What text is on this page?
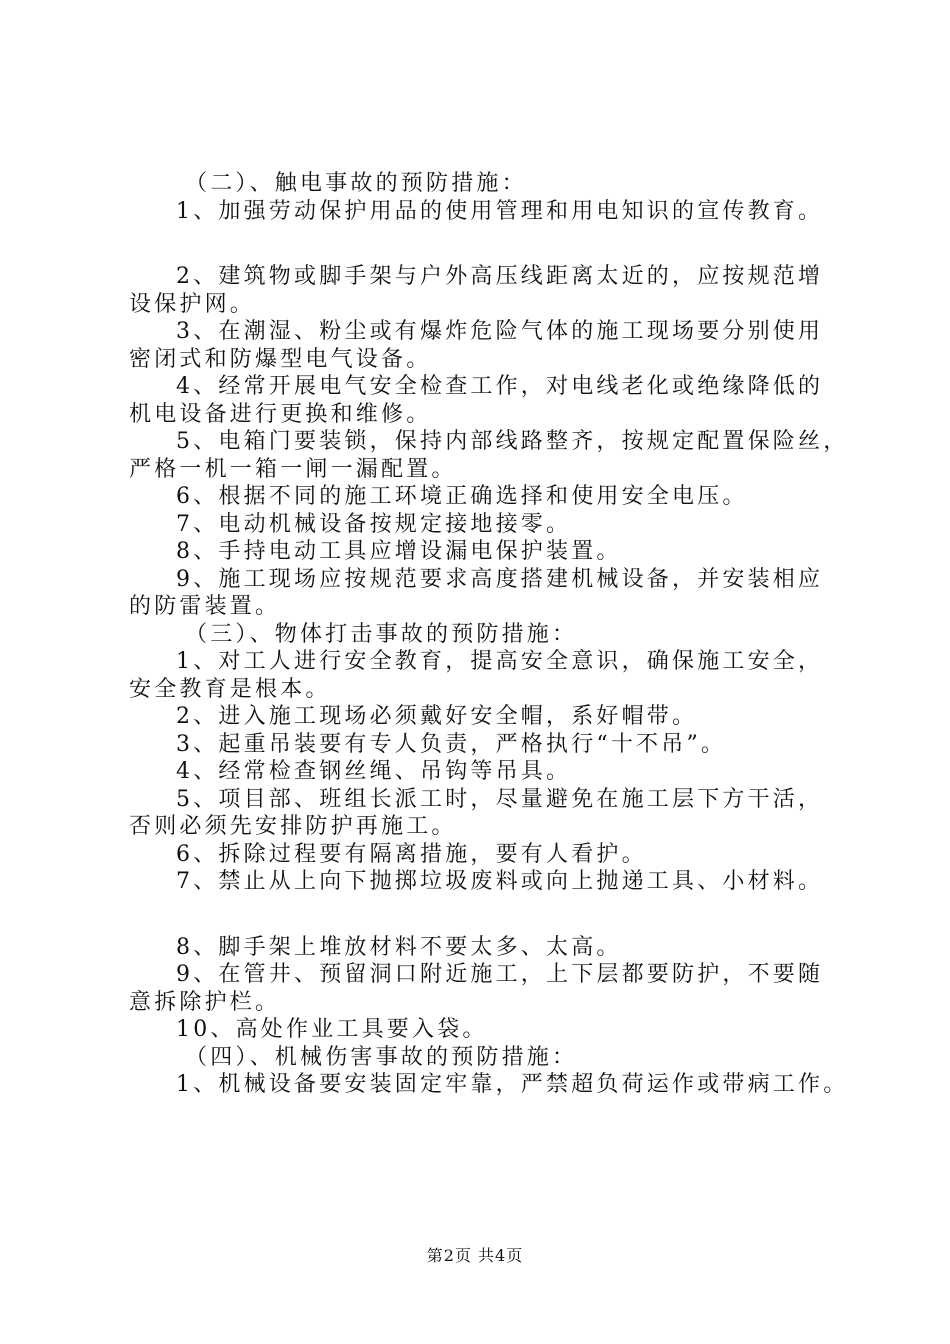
（二）、触电事故的预防措施：
1、加强劳动保护用品的使用管理和用电知识的宣传教育。
2、建筑物或脚手架与户外高压线距离太近的，应按规范增
设保护网。
3、在潮湿、粉尘或有爆炸危险气体的施工现场要分别使用
密闭式和防爆型电气设备。
4、经常开展电气安全检查工作，对电线老化或绝缘降低的
机电设备进行更换和维修。
5、电箱门要装锁，保持内部线路整齐，按规定配置保险丝，
严格一机一箱一闸一漏配置。
6、根据不同的施工环境正确选择和使用安全电压。
7、电动机械设备按规定接地接零。
8、手持电动工具应增设漏电保护装置。
9、施工现场应按规范要求高度搭建机械设备，并安装相应
的防雷装置。
（三）、物体打击事故的预防措施：
1、对工人进行安全教育，提高安全意识，确保施工安全，
安全教育是根本。
2、进入施工现场必须戴好安全帽，系好帽带。
3、起重吊装要有专人负责，严格执行“十不吊”。
4、经常检查钢丝绳、吊钩等吊具。
5、项目部、班组长派工时，尽量避免在施工层下方干活，
否则必须先安排防护再施工。
6、拆除过程要有隔离措施，要有人看护。
7、禁止从上向下抛掷垃圾废料或向上抛递工具、小材料。
8、脚手架上堆放材料不要太多、太高。
9、在管井、预留洞口附近施工，上下层都要防护，不要随
意拆除护栏。
10、高处作业工具要入袋。
（四）、机械伤害事故的预防措施：
1、机械设备要安装固定牢靠，严禁超负荷运作或带病工作。
第2页 共4页
